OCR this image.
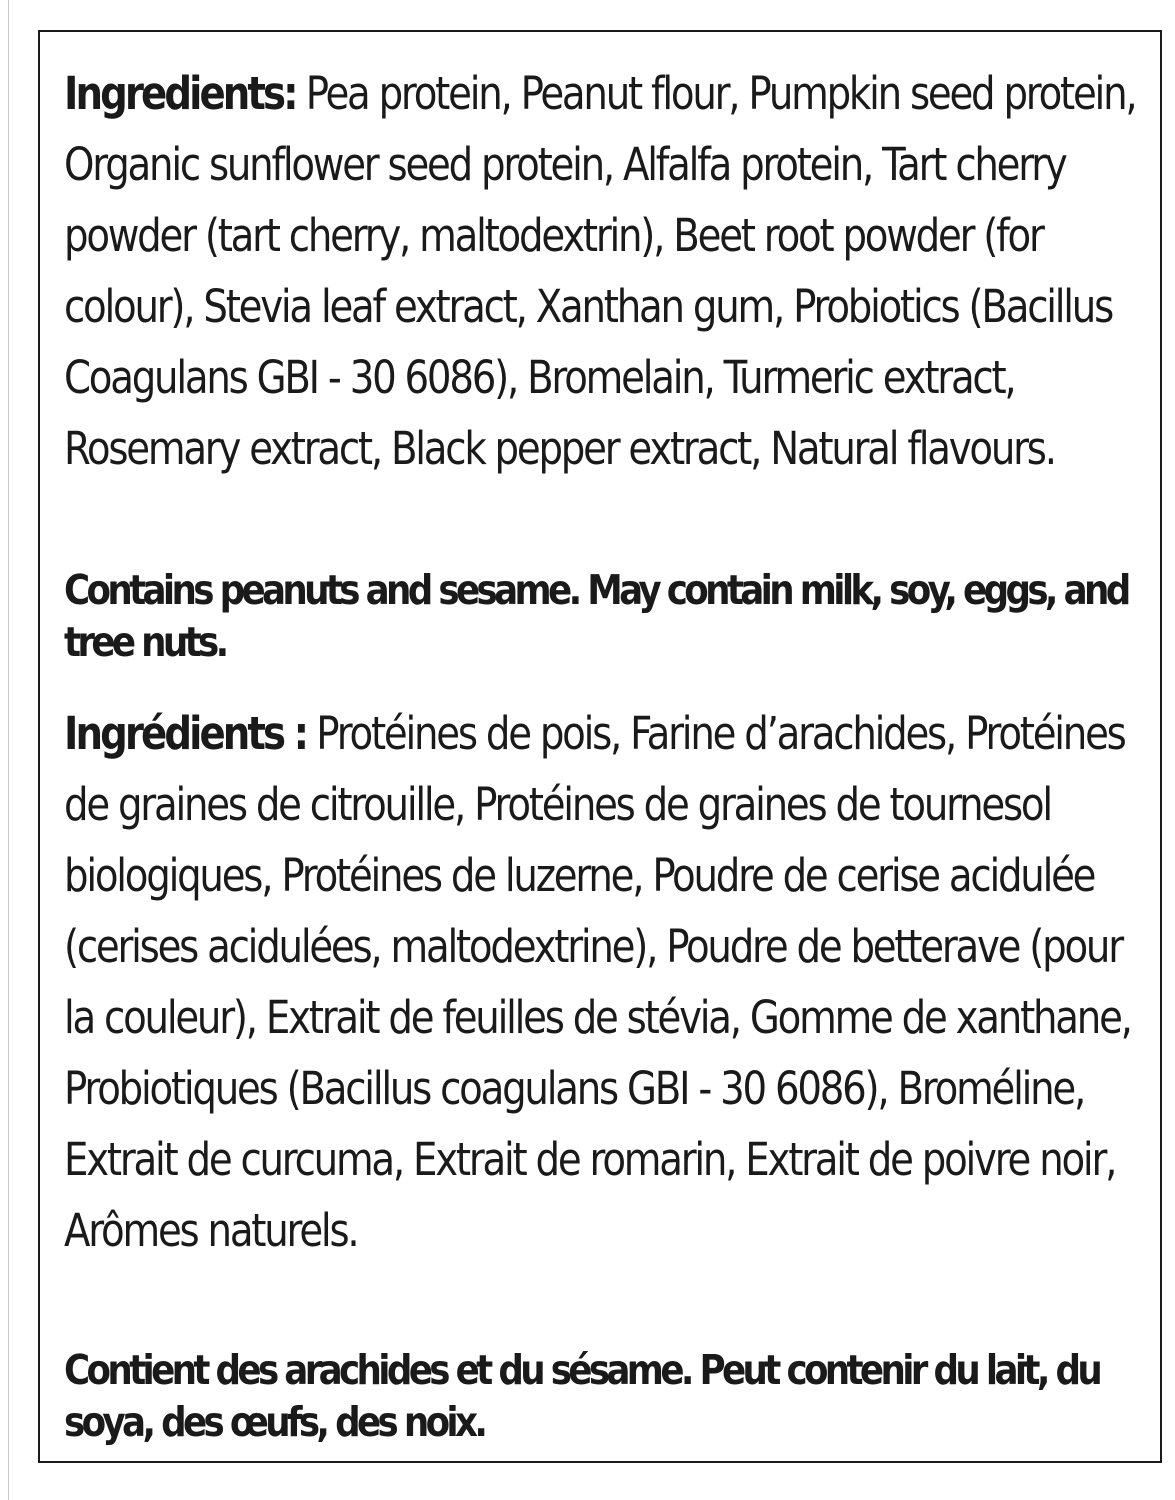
Ingredients: Pea protein, Peanut flour, Pumpkin seed protein, Organic sunflower seed protein, Alfalfa protein, Tart cherry powder (tart cherry, maltodextrin), Beet root powder (for colour), Stevia leaf extract, Xanthan gum, Probiotics (Bacillus Coagulans GBI - 30 6086), Bromelain, Turmeric extract, Rosemary extract, Black pepper extract, Natural flavours.

Contains peanuts and sesame. May contain milk, soy, eggs, and tree nuts.

Ingrédients : Protéines de pois, Farine d’arachides, Protéines de graines de citrouille, Protéines de graines de tournesol biologiques, Protéines de luzerne, Poudre de cerise acidulée (cerises acidulées, maltodextrine), Poudre de betterave (pour la couleur), Extrait de feuilles de stévia, Gomme de xanthane, Probiotiques (Bacillus coagulans GBI - 30 6086), Broméline, Extrait de curcuma, Extrait de romarin, Extrait de poivre noir, Arômes naturels.

Contient des arachides et du sésame. Peut contenir du lait, du soya, des œufs, des noix.
